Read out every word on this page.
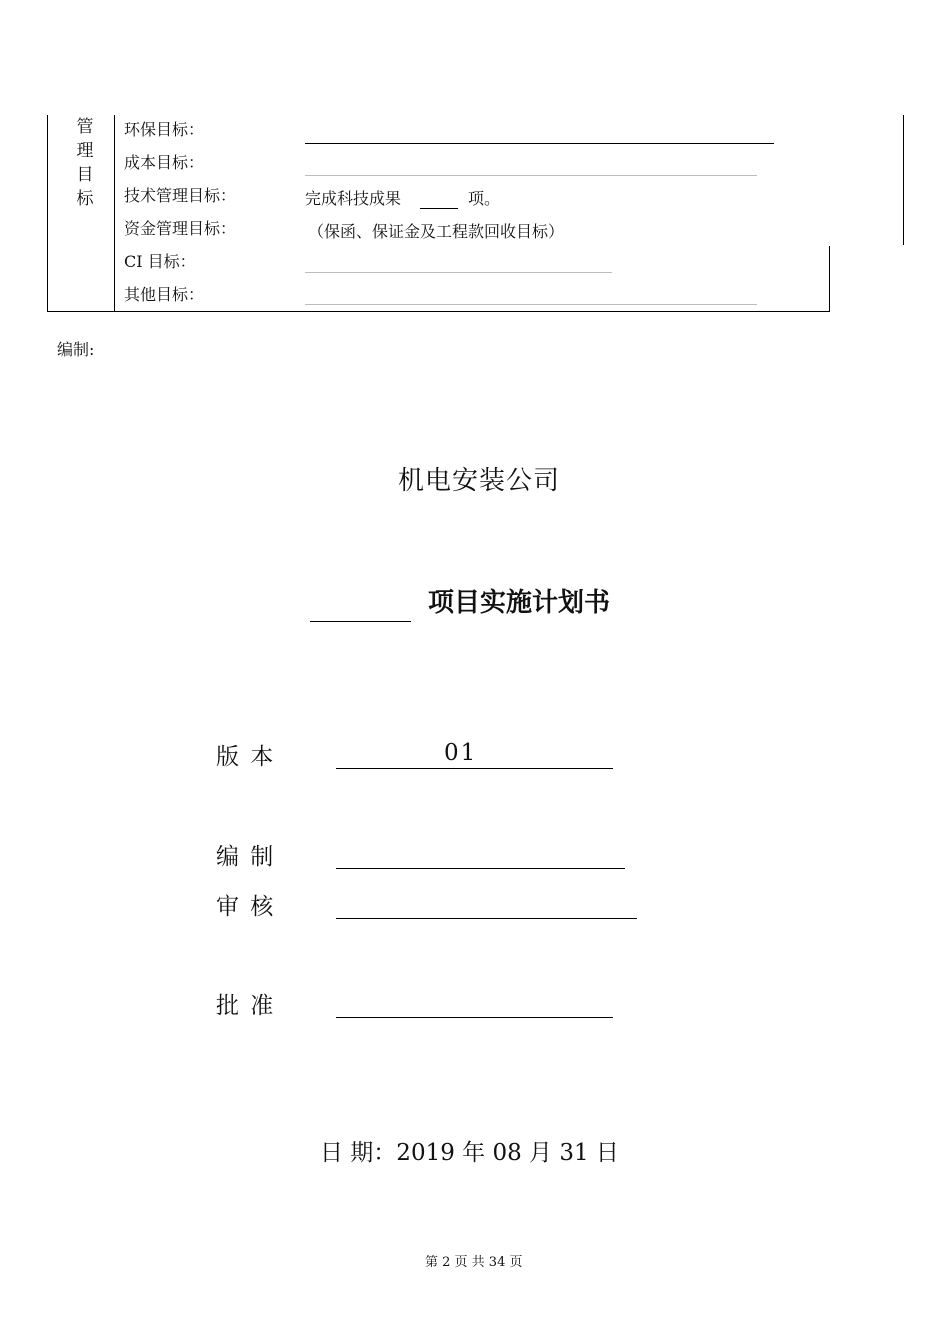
管
理
目
标
环保目标：
成本目标：
技术管理目标：
资金管理目标：
CI 目标：
其他目标：
完成科技成果	项。
（保函、保证金及工程款回收目标）
编制:
机电安装公司
项目实施计划书
版 本	01
编 制
审 核
批 准
日 期：2019 年 08 月 31 日
第 2 页 共 34 页
